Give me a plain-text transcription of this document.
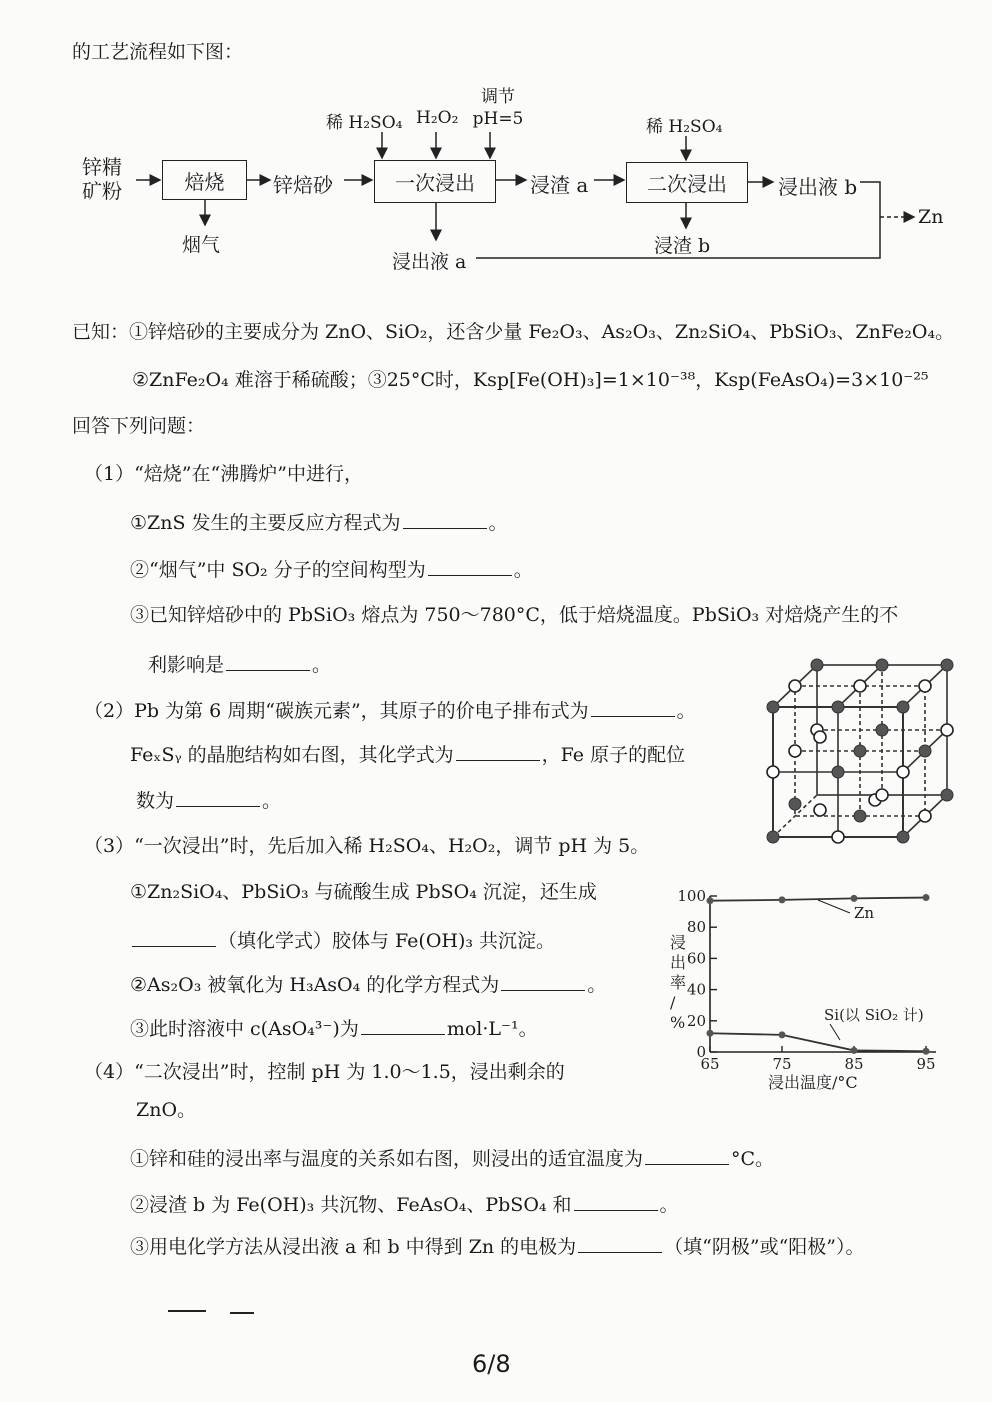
的工艺流程如下图：
锌精矿粉	焙烧
烟气
锌焙砂
稀 H₂SO₄ H₂O₂
调节 pH=5
一次浸出
浸出液 a
浸渣 a
稀 H₂SO₄
二次浸出
浸渣 b
浸出液 b
Zn
已知：①锌焙砂的主要成分为 ZnO、SiO₂，还含少量 Fe₂O₃、As₂O₃、Zn₂SiO₄、PbSiO₃、ZnFe₂O₄。
②ZnFe₂O₄ 难溶于稀硫酸；③25°C时，Ksp[Fe(OH)₃]=1×10⁻³⁸，Ksp(FeAsO₄)=3×10⁻²⁵
回答下列问题：
（1）“焙烧”在“沸腾炉”中进行，
①ZnS 发生的主要反应方程式为	。
②“烟气”中 SO₂ 分子的空间构型为	。
③已知锌焙砂中的 PbSiO₃ 熔点为 750～780°C，低于焙烧温度。PbSiO₃ 对焙烧产生的不
利影响是	。
（2）Pb 为第 6 周期“碳族元素”，其原子的价电子排布式为	。
FeₓSᵧ 的晶胞结构如右图，其化学式为	，Fe 原子的配位
数为	。
（3）“一次浸出”时，先后加入稀 H₂SO₄、H₂O₂，调节 pH 为 5。
①Zn₂SiO₄、PbSiO₃ 与硫酸生成 PbSO₄ 沉淀，还生成
（填化学式）胶体与 Fe(OH)₃ 共沉淀。
②As₂O₃ 被氧化为 H₃AsO₄ 的化学方程式为	。
③此时溶液中 c(AsO₄³⁻)为	mol·L⁻¹。
0
20
40
60
80
100
65	75	85	95
浸出率/ %
浸出温度/°C
Zn
Si(以 SiO₂ 计)
（4）“二次浸出”时，控制 pH 为 1.0～1.5，浸出剩余的
ZnO。
①锌和硅的浸出率与温度的关系如右图，则浸出的适宜温度为	°C。
②浸渣 b 为 Fe(OH)₃ 共沉物、FeAsO₄、PbSO₄ 和	。
③用电化学方法从浸出液 a 和 b 中得到 Zn 的电极为	（填“阴极”或“阳极”）。
6/8
